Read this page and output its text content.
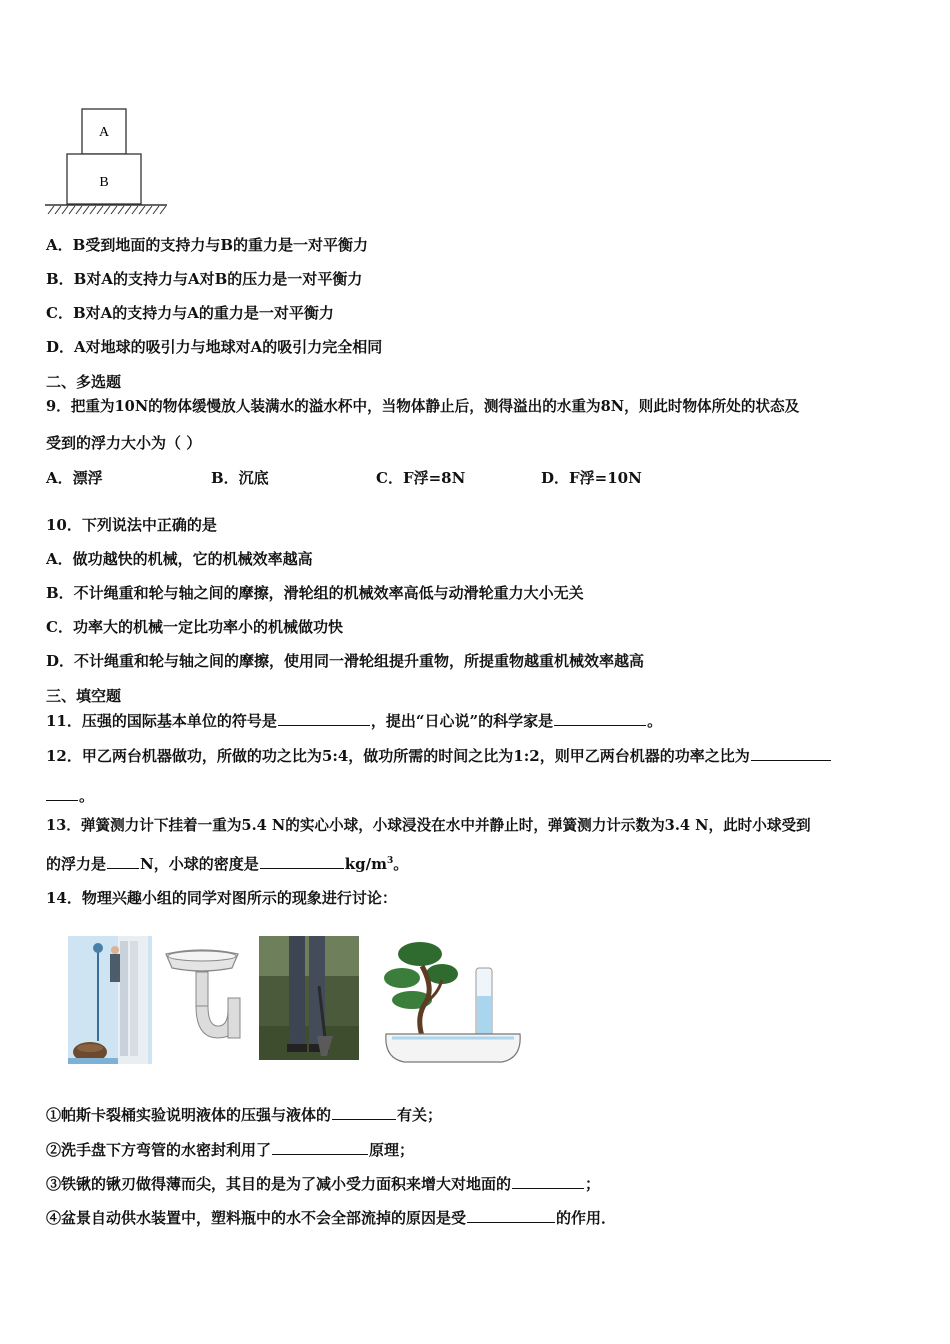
A
B
A．B受到地面的支持力与B的重力是一对平衡力
B．B对A的支持力与A对B的压力是一对平衡力
C．B对A的支持力与A的重力是一对平衡力
D．A对地球的吸引力与地球对A的吸引力完全相同
二、多选题
9．把重为10N的物体缓慢放人装满水的溢水杯中，当物体静止后，测得溢出的水重为8N，则此时物体所处的状态及
受到的浮力大小为（ ）
A．漂浮	B．沉底	C．F浮=8N	D．F浮=10N
10．下列说法中正确的是
A．做功越快的机械，它的机械效率越高
B．不计绳重和轮与轴之间的摩擦，滑轮组的机械效率高低与动滑轮重力大小无关
C．功率大的机械一定比功率小的机械做功快
D．不计绳重和轮与轴之间的摩擦，使用同一滑轮组提升重物，所提重物越重机械效率越高
三、填空题
11．压强的国际基本单位的符号是	，提出“日心说”的科学家是	。
12．甲乙两台机器做功，所做的功之比为5:4，做功所需的时间之比为1:2，则甲乙两台机器的功率之比为
。
13．弹簧测力计下挂着一重为5.4 N的实心小球，小球浸没在水中并静止时，弹簧测力计示数为3.4 N，此时小球受到
的浮力是 N，小球的密度是	$kg/m^3$。
14．物理兴趣小组的同学对图所示的现象进行讨论：
①帕斯卡裂桶实验说明液体的压强与液体的	有关；
②洗手盘下方弯管的水密封利用了	原理；
③铁锹的锹刃做得薄而尖，其目的是为了减小受力面积来增大对地面的	；
④盆景自动供水装置中，塑料瓶中的水不会全部流掉的原因是受	的作用．
